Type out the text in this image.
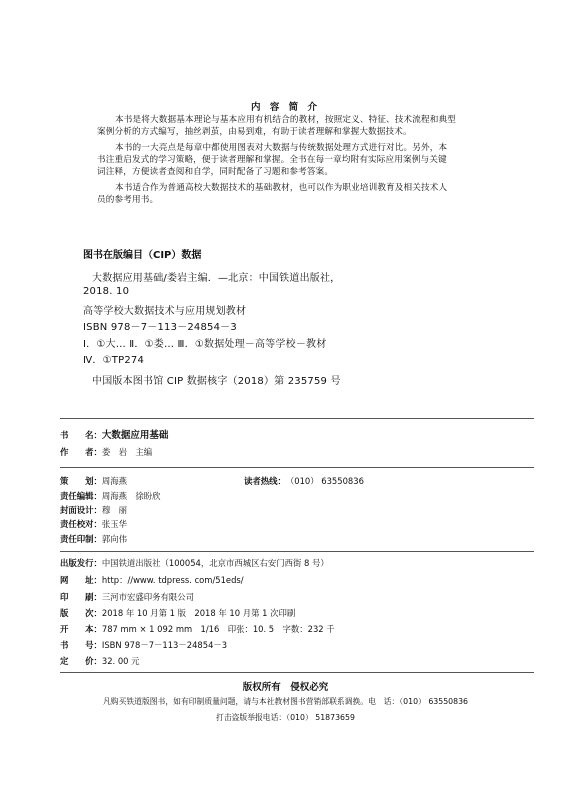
内 容 简 介
本书是将大数据基本理论与基本应用有机结合的教材，按照定义、特征、技术流程和典型
案例分析的方式编写，抽丝剥茧，由易到难，有助于读者理解和掌握大数据技术。
本书的一大亮点是每章中都使用图表对大数据与传统数据处理方式进行对比。另外，本
书注重启发式的学习策略，便于读者理解和掌握。全书在每一章均附有实际应用案例与关键
词注释，方便读者查阅和自学，同时配备了习题和参考答案。
本书适合作为普通高校大数据技术的基础教材，也可以作为职业培训教育及相关技术人
员的参考用书。
图书在版编目（CIP）数据
大数据应用基础/娄岩主编．—北京：中国铁道出版社，
2018. 10
高等学校大数据技术与应用规划教材
ISBN 978－7－113－24854－3
Ⅰ．①大… Ⅱ．①娄… Ⅲ．①数据处理－高等学校－教材
Ⅳ．①TP274
中国版本图书馆 CIP 数据核字（2018）第 235759 号
书　　名：大数据应用基础
作　　者：娄　岩　主编
策　　划：周海燕	读者热线：（010） 63550836
责任编辑：周海燕　徐盼欣
封面设计：穆　丽
责任校对：张玉华
责任印制：郭向伟
出版发行：中国铁道出版社（100054，北京市西城区右安门西街 8 号）
网　　址：http：//www. tdpress. com/51eds/
印　　刷：三河市宏盛印务有限公司
版　　次：2018 年 10 月第 1 版　2018 年 10 月第 1 次印刷
开　　本：787 mm × 1 092 mm　1/16　印张：10. 5　字数：232 千
书　　号：ISBN 978－7－113－24854－3
定　　价：32. 00 元
版权所有　侵权必究
凡购买铁道版图书，如有印制质量问题，请与本社教材图书营销部联系调换。电　话：（010） 63550836
打击盗版举报电话：（010） 51873659
